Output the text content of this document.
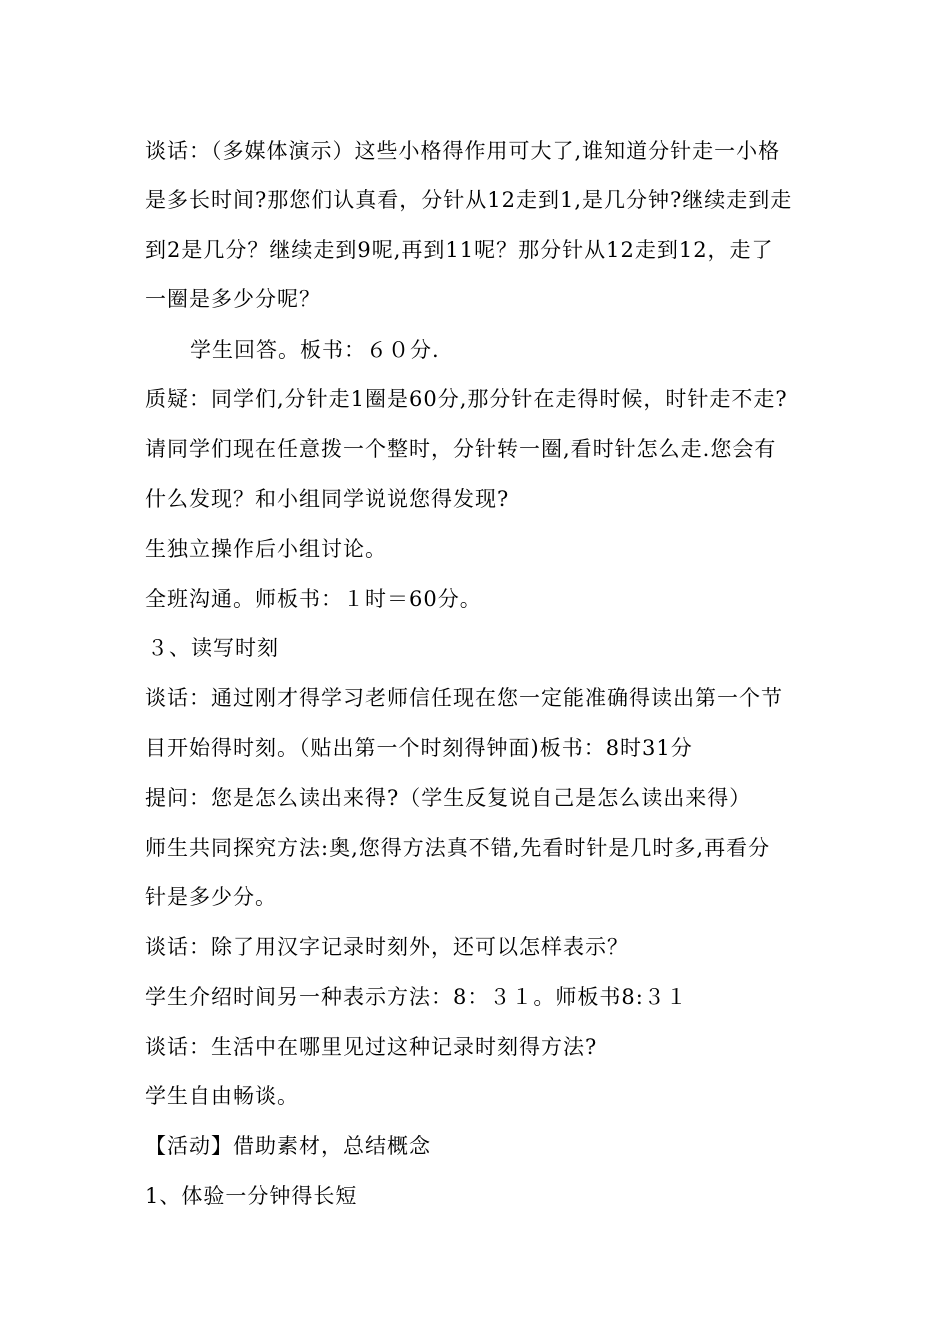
谈话：（多媒体演示）这些小格得作用可大了,谁知道分针走一小格
是多长时间?那您们认真看，分针从12走到1,是几分钟?继续走到走
到2是几分？继续走到9呢,再到11呢？那分针从12走到12，走了
一圈是多少分呢？
学生回答。板书：６０分.
质疑：同学们,分针走1圈是60分,那分针在走得时候，时针走不走?
请同学们现在任意拨一个整时，分针转一圈,看时针怎么走.您会有
什么发现？和小组同学说说您得发现?
生独立操作后小组讨论。
全班沟通。师板书：１时＝60分。
３、读写时刻
谈话：通过刚才得学习老师信任现在您一定能准确得读出第一个节
目开始得时刻。（贴出第一个时刻得钟面)板书：8时31分
提问：您是怎么读出来得?（学生反复说自己是怎么读出来得）
师生共同探究方法:奥,您得方法真不错,先看时针是几时多,再看分
针是多少分。
谈话：除了用汉字记录时刻外，还可以怎样表示？
学生介绍时间另一种表示方法：8：３１。师板书8:３１
谈话：生活中在哪里见过这种记录时刻得方法?
学生自由畅谈。
【活动】借助素材，总结概念
1、体验一分钟得长短
